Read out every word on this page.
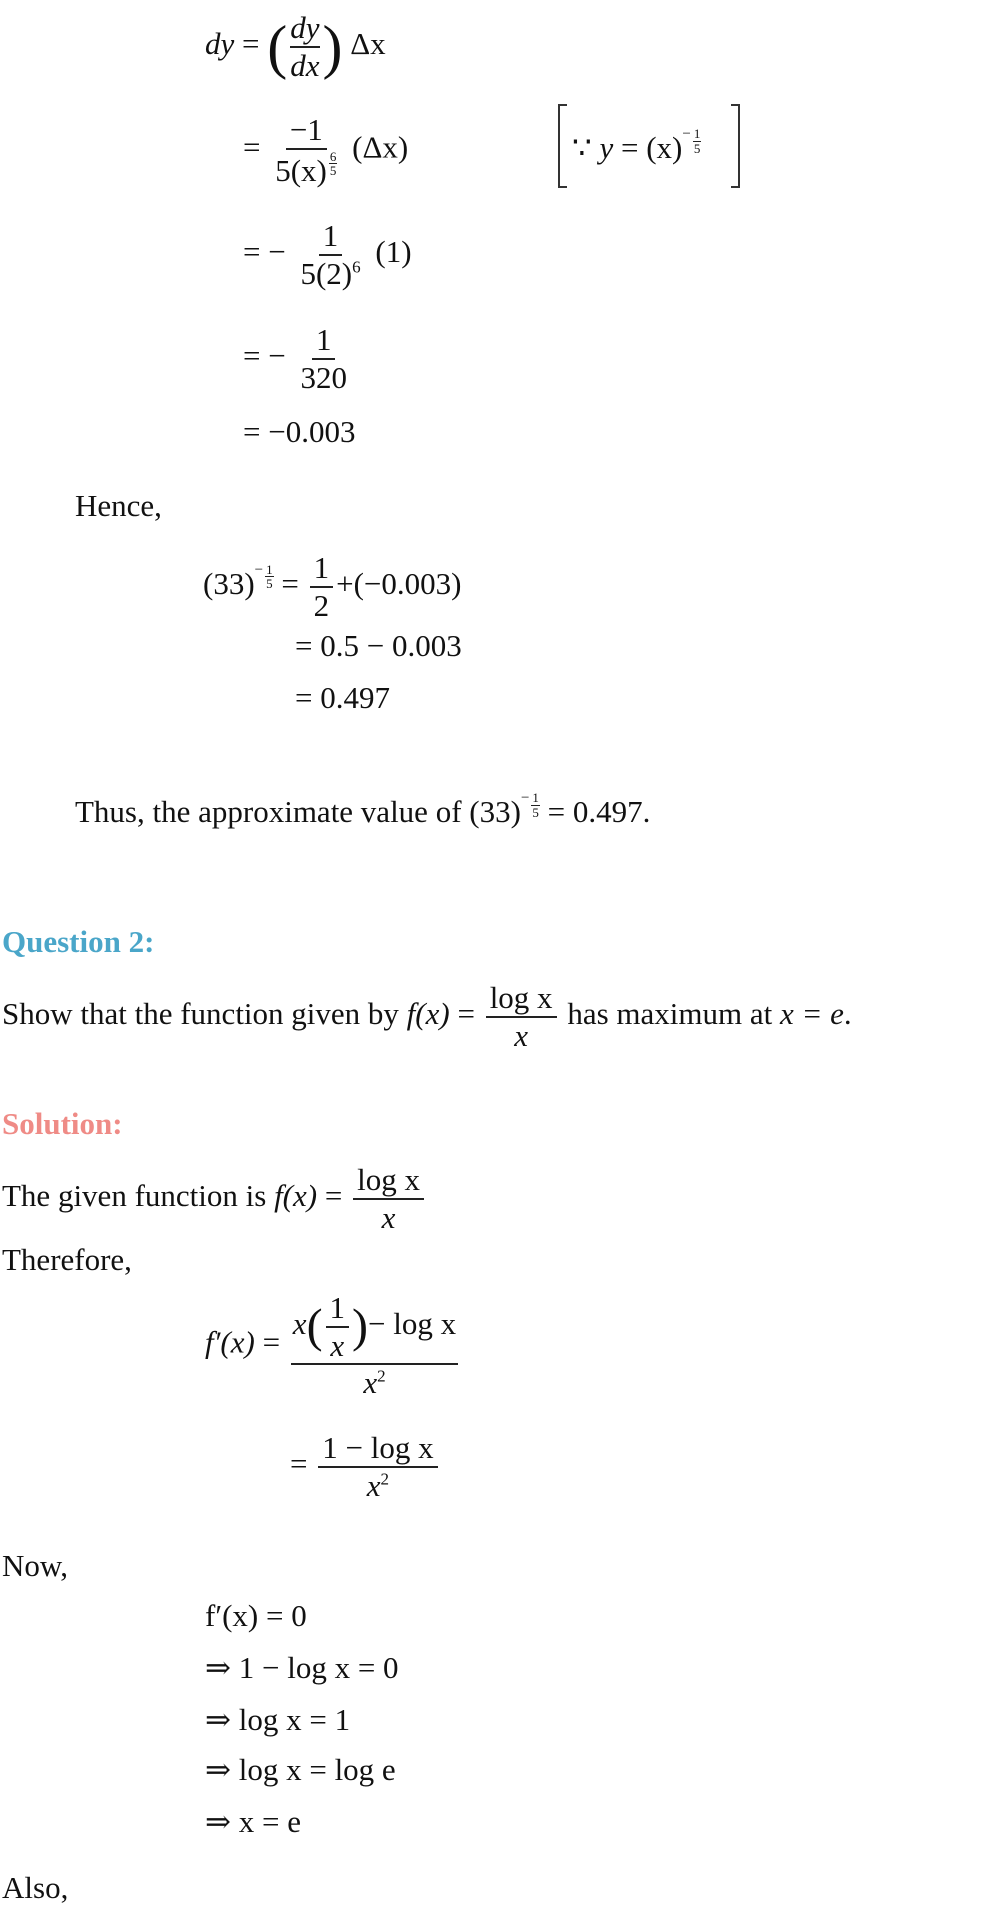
dy = ( $\frac{dy}{dx}$ ) Δx
= $\frac{-1}{5(x) \frac{6}{5}} (\Delta x)$	∵ $y = (x)^- \frac{1}{5}$
= − $\frac{1}{5(2)^6} (1)$
= − $\frac{1}{320}$
= −0.003
Hence,
$(33)^- \frac{1}{5} = \frac{1}{2} +(-0.003)$
= 0.5 − 0.003
= 0.497
Thus, the approximate value of $(33)^- \frac{1}{5} = 0.497$.
Question 2:
Show that the function given by $f(x) = \frac{\text{log x}}{x}$ has maximum at x = e.
Solution:
The given function is $f(x) = \frac{\text{log x}}{x}$
Therefore,
$f'(x) = \frac{x( \frac{1}{x} )- \log x}{x^2}$
= $\frac{\text{1 − log x}}{x^2}$
Now,
f′(x) = 0
⇒ 1 − log x = 0
⇒ log x = 1
⇒ log x = log e
⇒ x = e
Also,
